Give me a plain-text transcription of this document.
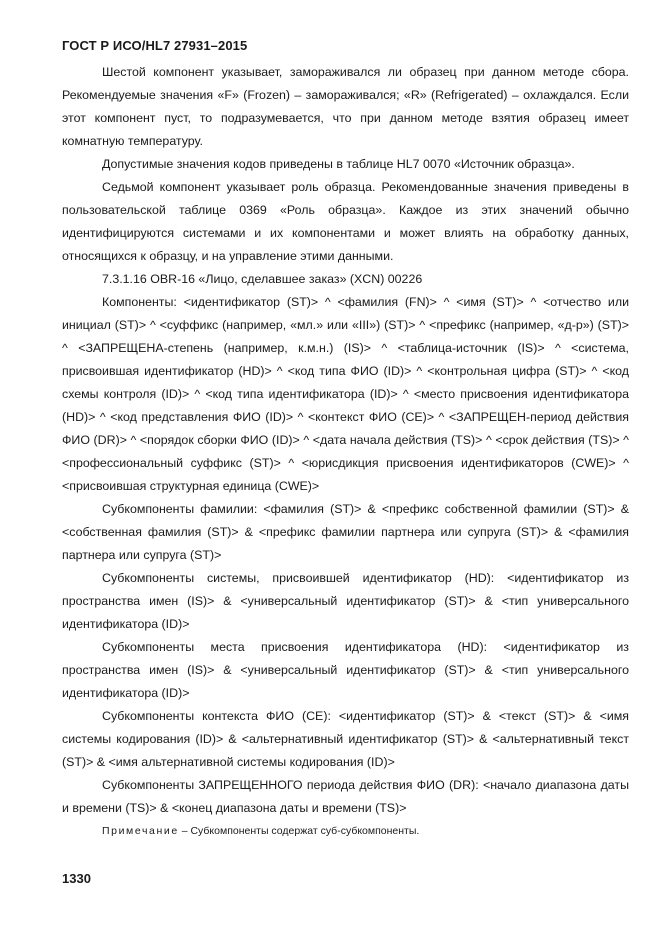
ГОСТ Р ИСО/HL7 27931–2015

Шестой компонент указывает, замораживался ли образец при данном методе сбора. Рекомендуемые значения «F» (Frozen) – замораживался; «R» (Refrigerated) – охлаждался. Если этот компонент пуст, то подразумевается, что при данном методе взятия образец имеет комнатную температуру.

Допустимые значения кодов приведены в таблице HL7 0070 «Источник образца».

Седьмой компонент указывает роль образца. Рекомендованные значения приведены в пользовательской таблице 0369 «Роль образца». Каждое из этих значений обычно идентифицируются системами и их компонентами и может влиять на обработку данных, относящихся к образцу, и на управление этими данными.

7.3.1.16 OBR-16 «Лицо, сделавшее заказ» (XCN) 00226

Компоненты: <идентификатор (ST)> ^ <фамилия (FN)> ^ <имя (ST)> ^ <отчество или инициал (ST)> ^ <суффикс (например, «мл.» или «III») (ST)> ^ <префикс (например, «д-р») (ST)> ^ <ЗАПРЕЩЕНА-степень (например, к.м.н.) (IS)> ^ <таблица-источник (IS)> ^ <система, присвоившая идентификатор (HD)> ^ <код типа ФИО (ID)> ^ <контрольная цифра (ST)> ^ <код схемы контроля (ID)> ^ <код типа идентификатора (ID)> ^ <место присвоения идентификатора (HD)> ^ <код представления ФИО (ID)> ^ <контекст ФИО (CE)> ^ <ЗАПРЕЩЕН-период действия ФИО (DR)> ^ <порядок сборки ФИО (ID)> ^ <дата начала действия (TS)> ^ <срок действия (TS)> ^ <профессиональный суффикс (ST)> ^ <юрисдикция присвоения идентификаторов (CWE)> ^ <присвоившая структурная единица (CWE)>

Субкомпоненты фамилии: <фамилия (ST)> & <префикс собственной фамилии (ST)> & <собственная фамилия (ST)> & <префикс фамилии партнера или супруга (ST)> & <фамилия партнера или супруга (ST)>

Субкомпоненты системы, присвоившей идентификатор (HD): <идентификатор из пространства имен (IS)> & <универсальный идентификатор (ST)> & <тип универсального идентификатора (ID)>

Субкомпоненты места присвоения идентификатора (HD): <идентификатор из пространства имен (IS)> & <универсальный идентификатор (ST)> & <тип универсального идентификатора (ID)>

Субкомпоненты контекста ФИО (CE): <идентификатор (ST)> & <текст (ST)> & <имя системы кодирования (ID)> & <альтернативный идентификатор (ST)> & <альтернативный текст (ST)> & <имя альтернативной системы кодирования (ID)>

Субкомпоненты ЗАПРЕЩЕННОГО периода действия ФИО (DR): <начало диапазона даты и времени (TS)> & <конец диапазона даты и времени (TS)>

Примечание – Субкомпоненты содержат суб-субкомпоненты.
1330
